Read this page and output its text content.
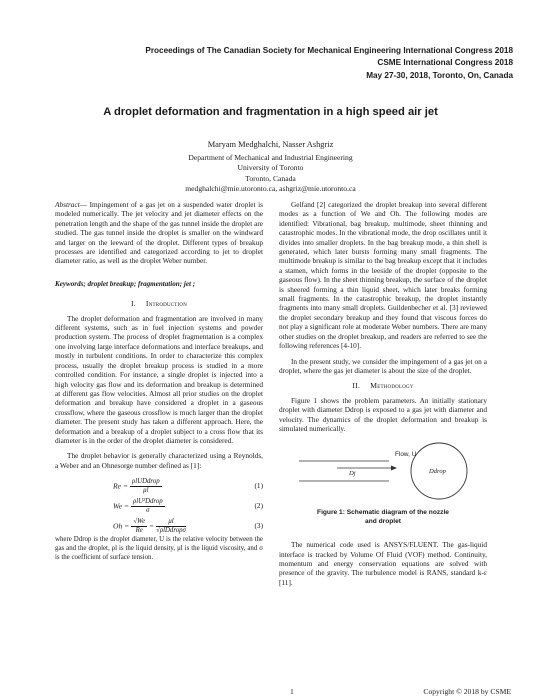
Proceedings of The Canadian Society for Mechanical Engineering International Congress 2018
CSME International Congress 2018
May 27-30, 2018, Toronto, On, Canada
A droplet deformation and fragmentation in a high speed air jet
Maryam Medghalchi, Nasser Ashgriz
Department of Mechanical and Industrial Engineering
University of Toronto
Toronto, Canada
medghalchi@mie.utoronto.ca, ashgriz@mie.utoronto.ca

Abstract— Impingement of a gas jet on a suspended water droplet is modeled numerically. The jet velocity and jet diameter effects on the penetration length and the shape of the gas tunnel inside the droplet are studied. The gas tunnel inside the droplet is smaller on the windward and larger on the leeward of the droplet. Different types of breakup processes are identified and categorized according to jet to droplet diameter ratio, as well as the droplet Weber number.

Keywords; droplet breakup; fragmentation; jet ;
I. Introduction

The droplet deformation and fragmentation are involved in many different systems, such as in fuel injection systems and powder production system. The process of droplet fragmentation is a complex one involving large interface deformations and interface breakups, and mostly in turbulent conditions. In order to characterize this complex process, usually the droplet breakup process is studied in a more controlled condition. For instance, a single droplet is injected into a high velocity gas flow and its deformation and breakup is determined at different gas flow velocities. Almost all prior studies on the droplet deformation and breakup have considered a droplet in a gaseous crossflow, where the gaseous crossflow is much larger than the droplet diameter. The present study has taken a different approach. Here, the deformation and a breakup of a droplet subject to a cross flow that its diameter is in the order of the droplet diameter is considered.

The droplet behavior is generally characterized using a Reynolds, a Weber and an Ohnesorge number defined as [1]:

$Re = \frac{\text{ρlUDdrop}}{\mu l}$	(1)
$We = \frac{\text{ρlU²Ddrop}}{\sigma}$	(2)
$Oh = \frac{√We}{Re} = \frac{\mu l}{\text{√ρlDdropσ}}$	(3)

where Ddrop is the droplet diameter, U is the relative velocity between the gas and the droplet, ρl is the liquid density, μl is the liquid viscosity, and σ is the coefficient of surface tension.

Gelfand [2] categorized the droplet breakup into several different modes as a function of We and Oh. The following modes are identified: Vibrational, bag breakup, multimode, sheet thinning and catastrophic modes. In the vibrational mode, the drop oscillates until it divides into smaller droplets. In the bag breakup mode, a thin shell is generated, which later bursts forming many small fragments. The multimode breakup is similar to the bag breakup except that it includes a stamen, which forms in the leeside of the droplet (opposite to the gaseous flow). In the sheet thinning breakup, the surface of the droplet is sheered forming a thin liquid sheet, which later breaks forming small fragments. In the catastrophic breakup, the droplet instantly fragments into many small droplets. Guildenbecher et al. [3] reviewed the droplet secondary breakup and they found that viscous forces do not play a significant role at moderate Weber numbers. There are many other studies on the droplet breakup, and readers are referred to see the following references [4-10].

In the present study, we consider the impingement of a gas jet on a droplet, where the gas jet diameter is about the size of the droplet.

II. Methodology

Figure 1 shows the problem parameters. An initially stationary droplet with diameter Ddrop is exposed to a gas jet with diameter and velocity. The dynamics of the droplet deformation and breakup is simulated numerically.

Flow, U
Dj	Ddrop
Figure 1: Schematic diagram of the nozzle
and droplet

The numerical code used is ANSYS/FLUENT. The gas-liquid interface is tracked by Volume Of Fluid (VOF) method. Continuity, momentum and energy conservation equations are solved with presence of the gravity. The turbulence model is RANS, standard k-ε [11].

1	Copyright © 2018 by CSME
